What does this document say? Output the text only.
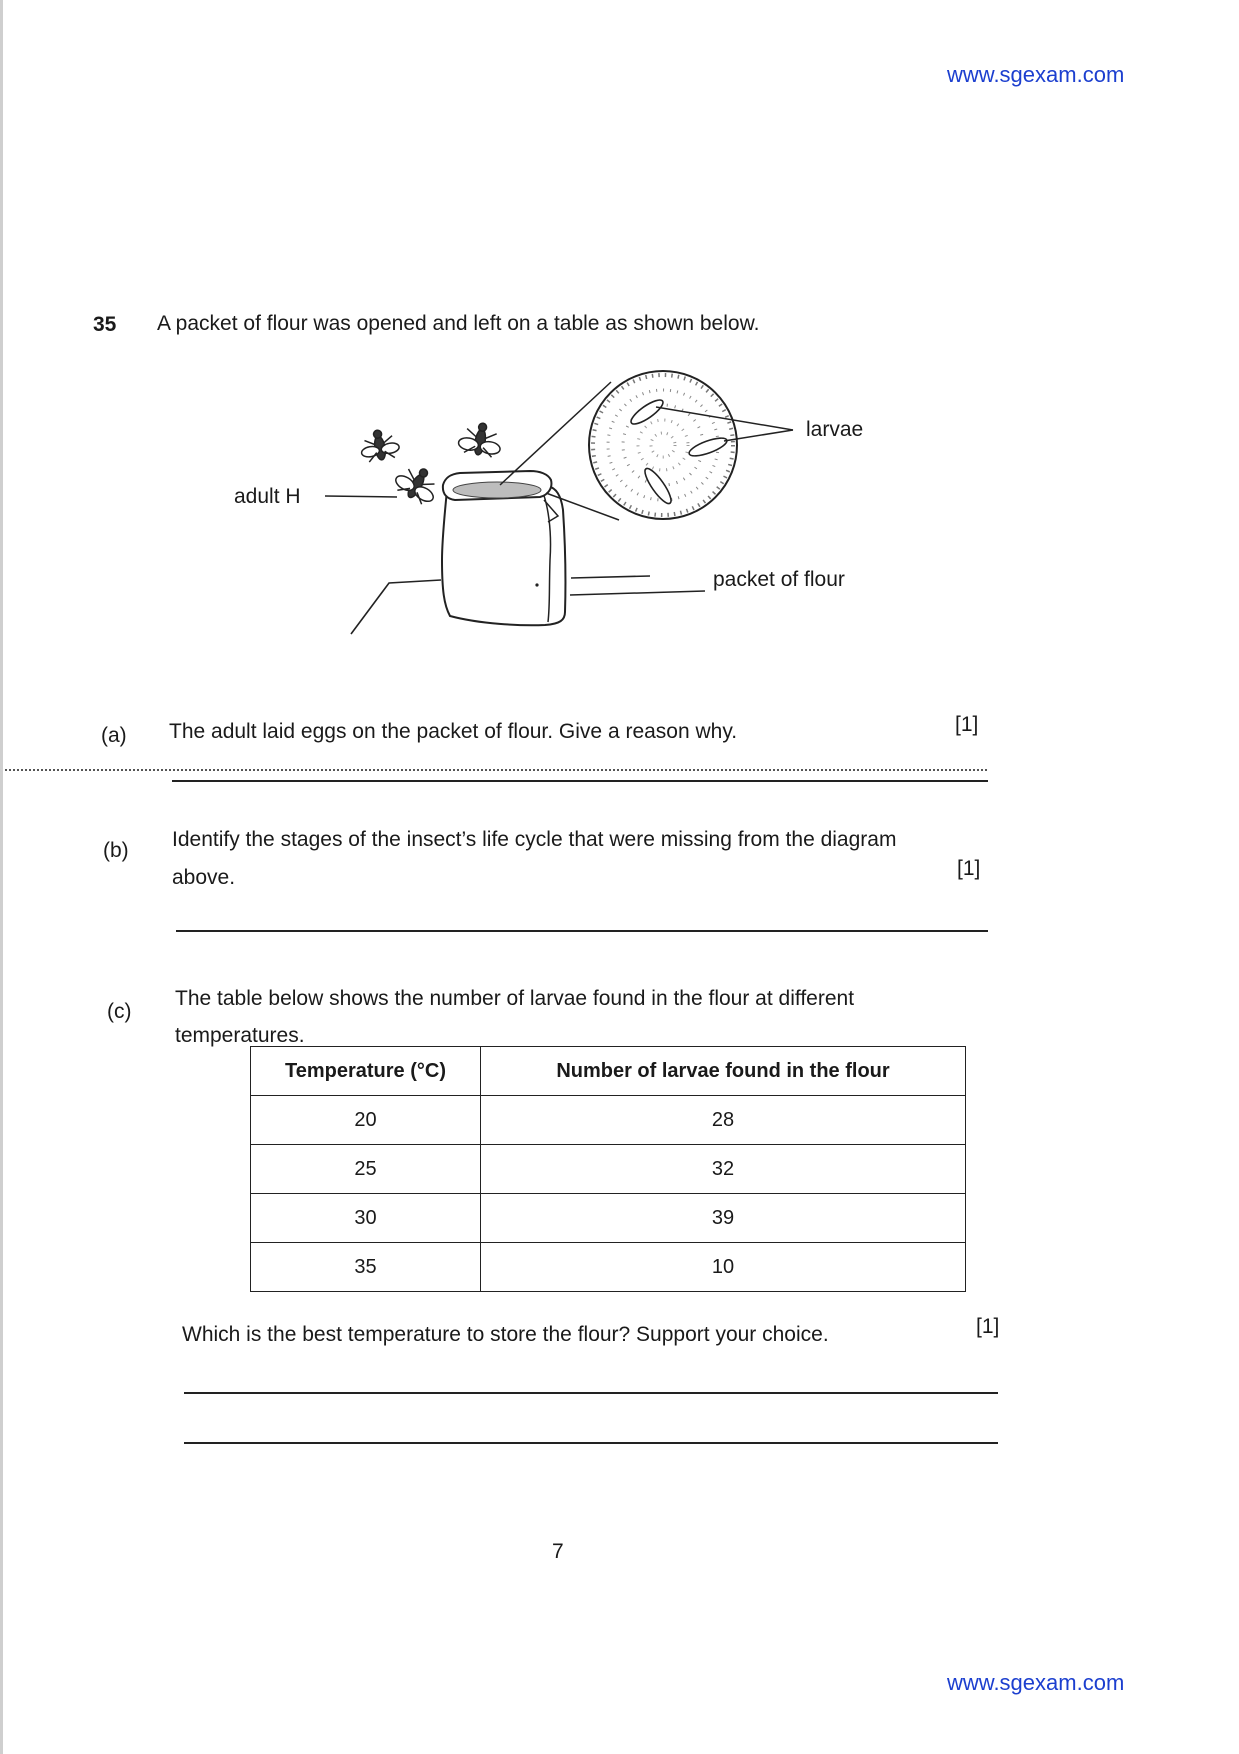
www.sgexam.com
35 A packet of flour was opened and left on a table as shown below.
larvae
adult H
packet of flour
(a) The adult laid eggs on the packet of flour. Give a reason why.	[1]
(b) Identify the stages of the insect’s life cycle that were missing from the diagram
above.	[1]
(c)
The table below shows the number of larvae found in the flour at different
temperatures.
Temperature (°C)	Number of larvae found in the flour
20	28
25	32
30	39
35	10
Which is the best temperature to store the flour? Support your choice.	[1]
7
www.sgexam.com
